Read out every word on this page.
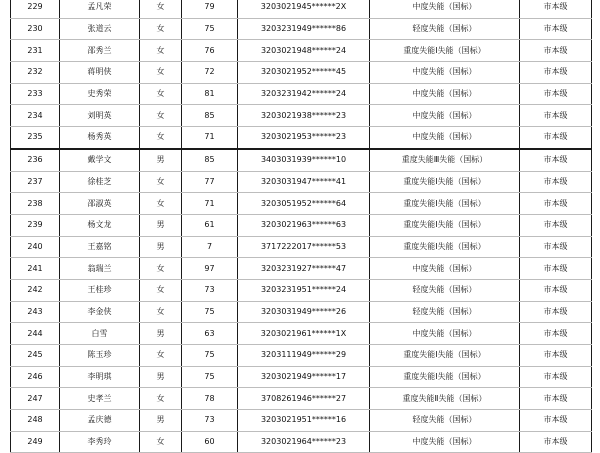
229	孟凡荣	女	79	3203021945******2X	中度失能（国标）	市本级
230	张道云	女	75	3203231949******86	轻度失能（国标）	市本级
231	邵秀兰	女	76	3203021948******24	重度失能Ⅰ失能（国标）	市本级
232	蒋明侠	女	72	3203021952******45	中度失能（国标）	市本级
233	史秀荣	女	81	3203231942******24	中度失能（国标）	市本级
234	刘明英	女	85	3203021938******23	中度失能（国标）	市本级
235	杨秀英	女	71	3203021953******23	中度失能（国标）	市本级
236	戴学文	男	85	3403031939******10	重度失能Ⅲ失能（国标）	市本级
237	徐桂芝	女	77	3203031947******41	重度失能Ⅰ失能（国标）	市本级
238	邵淑英	女	71	3203051952******64	重度失能Ⅰ失能（国标）	市本级
239	杨文龙	男	61	3203021963******63	重度失能Ⅰ失能（国标）	市本级
240	王嘉铭	男	7	3717222017******53	重度失能Ⅰ失能（国标）	市本级
241	翁瑞兰	女	97	3203231927******47	中度失能（国标）	市本级
242	王桂珍	女	73	3203231951******24	轻度失能（国标）	市本级
243	李金侠	女	75	3203031949******26	轻度失能（国标）	市本级
244	白雪	男	63	3203021961******1X	中度失能（国标）	市本级
245	陈玉珍	女	75	3203111949******29	重度失能Ⅰ失能（国标）	市本级
246	李明琪	男	75	3203021949******17	重度失能Ⅰ失能（国标）	市本级
247	史孝兰	女	78	3708261946******27	重度失能Ⅱ失能（国标）	市本级
248	孟庆德	男	73	3203021951******16	轻度失能（国标）	市本级
249	李秀玲	女	60	3203021964******23	中度失能（国标）	市本级
